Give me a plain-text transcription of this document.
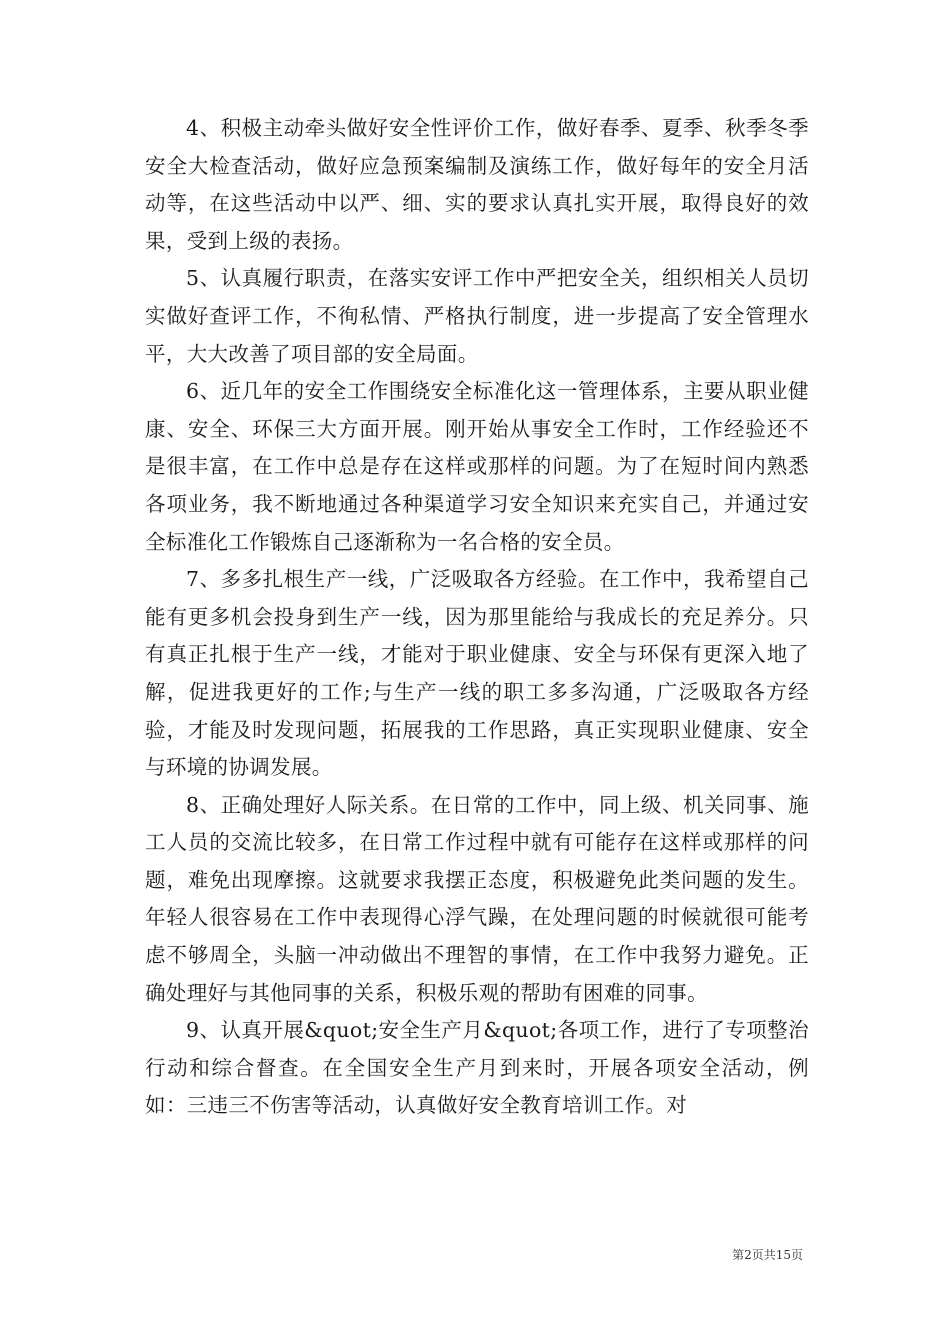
4、积极主动牵头做好安全性评价工作，做好春季、夏季、秋季冬季安全大检查活动，做好应急预案编制及演练工作，做好每年的安全月活动等，在这些活动中以严、细、实的要求认真扎实开展，取得良好的效果，受到上级的表扬。

5、认真履行职责，在落实安评工作中严把安全关，组织相关人员切实做好查评工作，不徇私情、严格执行制度，进一步提高了安全管理水平，大大改善了项目部的安全局面。

6、近几年的安全工作围绕安全标准化这一管理体系，主要从职业健康、安全、环保三大方面开展。刚开始从事安全工作时，工作经验还不是很丰富，在工作中总是存在这样或那样的问题。为了在短时间内熟悉各项业务，我不断地通过各种渠道学习安全知识来充实自己，并通过安全标准化工作锻炼自己逐渐称为一名合格的安全员。

7、多多扎根生产一线，广泛吸取各方经验。在工作中，我希望自己能有更多机会投身到生产一线，因为那里能给与我成长的充足养分。只有真正扎根于生产一线，才能对于职业健康、安全与环保有更深入地了解，促进我更好的工作;与生产一线的职工多多沟通，广泛吸取各方经验，才能及时发现问题，拓展我的工作思路，真正实现职业健康、安全与环境的协调发展。

8、正确处理好人际关系。在日常的工作中，同上级、机关同事、施工人员的交流比较多，在日常工作过程中就有可能存在这样或那样的问题，难免出现摩擦。这就要求我摆正态度，积极避免此类问题的发生。年轻人很容易在工作中表现得心浮气躁，在处理问题的时候就很可能考虑不够周全，头脑一冲动做出不理智的事情，在工作中我努力避免。正确处理好与其他同事的关系，积极乐观的帮助有困难的同事。

9、认真开展&quot;安全生产月&quot;各项工作，进行了专项整治行动和综合督查。在全国安全生产月到来时，开展各项安全活动，例如：三违三不伤害等活动，认真做好安全教育培训工作。对

第2页共15页
